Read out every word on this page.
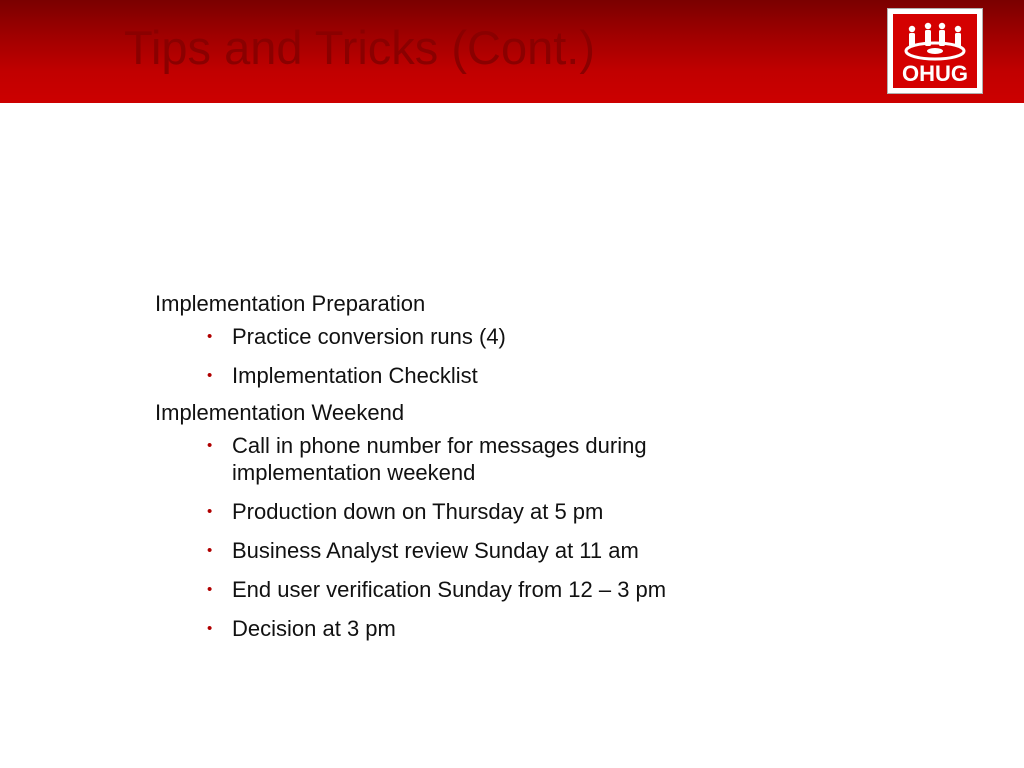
Tips and Tricks (Cont.)	OHUG

Implementation Preparation

• Practice conversion runs (4)
• Implementation Checklist

Implementation Weekend

• Call in phone number for messages during implementation weekend
• Production down on Thursday at 5 pm
• Business Analyst review Sunday at 11 am
• End user verification Sunday from 12 – 3 pm
• Decision at 3 pm
